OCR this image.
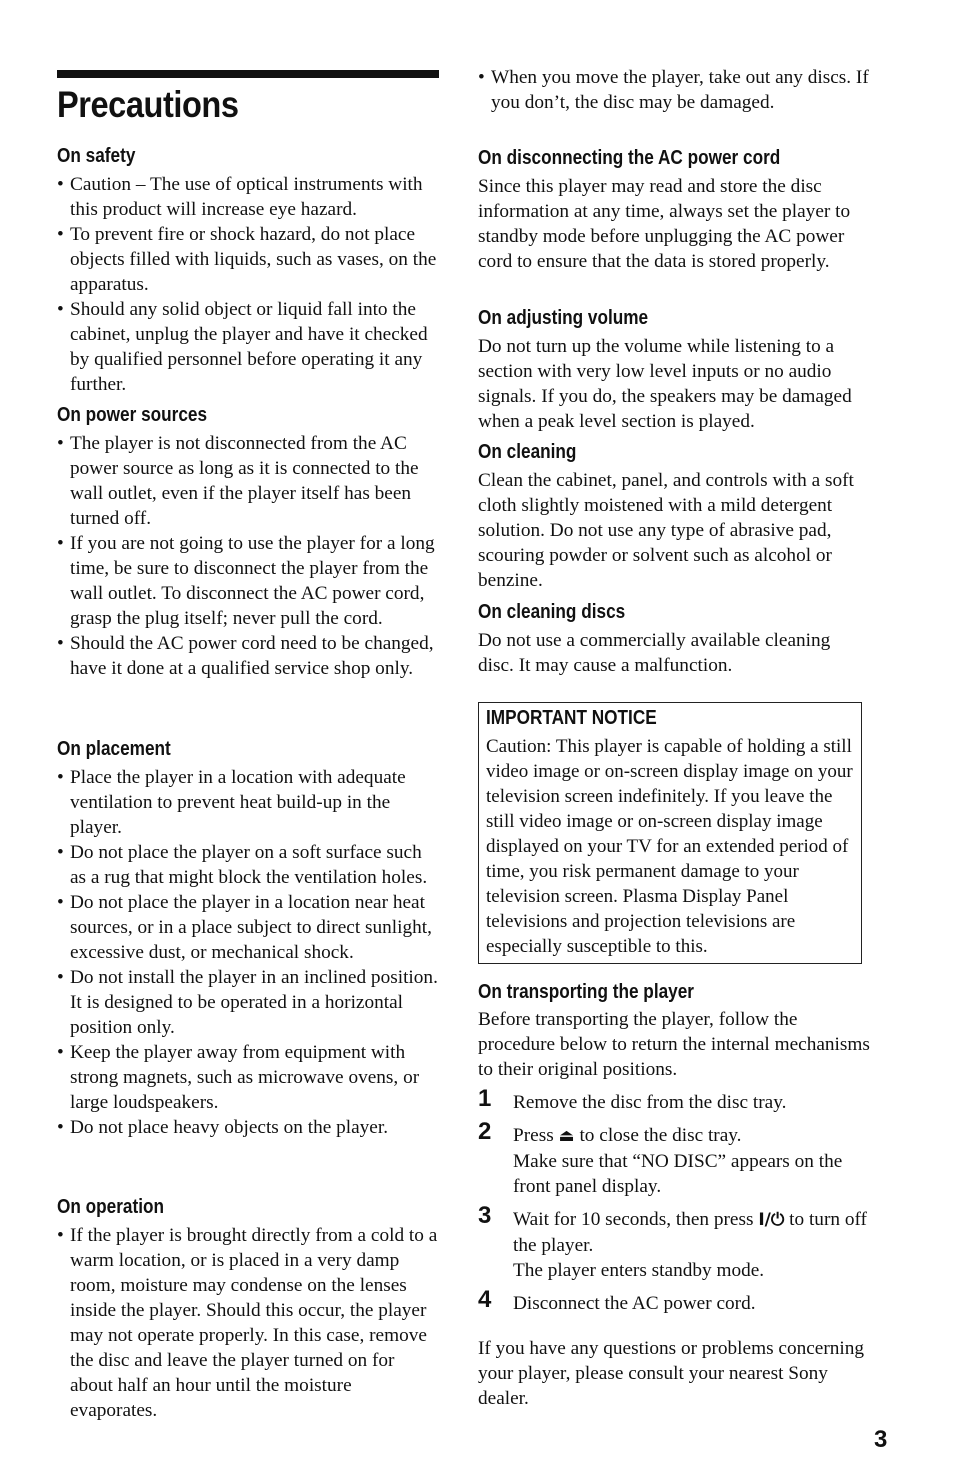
Precautions
On safety
• Caution – The use of optical instruments with this product will increase eye hazard.
• To prevent fire or shock hazard, do not place objects filled with liquids, such as vases, on the apparatus.
• Should any solid object or liquid fall into the cabinet, unplug the player and have it checked by qualified personnel before operating it any further.
On power sources
• The player is not disconnected from the AC power source as long as it is connected to the wall outlet, even if the player itself has been turned off.
• If you are not going to use the player for a long time, be sure to disconnect the player from the wall outlet. To disconnect the AC power cord, grasp the plug itself; never pull the cord.
• Should the AC power cord need to be changed, have it done at a qualified service shop only.
On placement
• Place the player in a location with adequate ventilation to prevent heat build-up in the player.
• Do not place the player on a soft surface such as a rug that might block the ventilation holes.
• Do not place the player in a location near heat sources, or in a place subject to direct sunlight, excessive dust, or mechanical shock.
• Do not install the player in an inclined position. It is designed to be operated in a horizontal position only.
• Keep the player away from equipment with strong magnets, such as microwave ovens, or large loudspeakers.
• Do not place heavy objects on the player.
On operation
• If the player is brought directly from a cold to a warm location, or is placed in a very damp room, moisture may condense on the lenses inside the player. Should this occur, the player may not operate properly. In this case, remove the disc and leave the player turned on for about half an hour until the moisture evaporates.
• When you move the player, take out any discs. If you don’t, the disc may be damaged.
On disconnecting the AC power cord
Since this player may read and store the disc information at any time, always set the player to standby mode before unplugging the AC power cord to ensure that the data is stored properly.
On adjusting volume
Do not turn up the volume while listening to a section with very low level inputs or no audio signals. If you do, the speakers may be damaged when a peak level section is played.
On cleaning
Clean the cabinet, panel, and controls with a soft cloth slightly moistened with a mild detergent solution. Do not use any type of abrasive pad, scouring powder or solvent such as alcohol or benzine.
On cleaning discs
Do not use a commercially available cleaning disc. It may cause a malfunction.
IMPORTANT NOTICE
Caution: This player is capable of holding a still video image or on-screen display image on your television screen indefinitely. If you leave the still video image or on-screen display image displayed on your TV for an extended period of time, you risk permanent damage to your television screen. Plasma Display Panel televisions and projection televisions are especially susceptible to this.
On transporting the player
Before transporting the player, follow the procedure below to return the internal mechanisms to their original positions.
1 Remove the disc from the disc tray.
2 Press ⏏ to close the disc tray.
Make sure that “NO DISC” appears on the front panel display.
3 Wait for 10 seconds, then press I/⏻ to turn off the player.
The player enters standby mode.
4 Disconnect the AC power cord.
If you have any questions or problems concerning your player, please consult your nearest Sony dealer.
3
